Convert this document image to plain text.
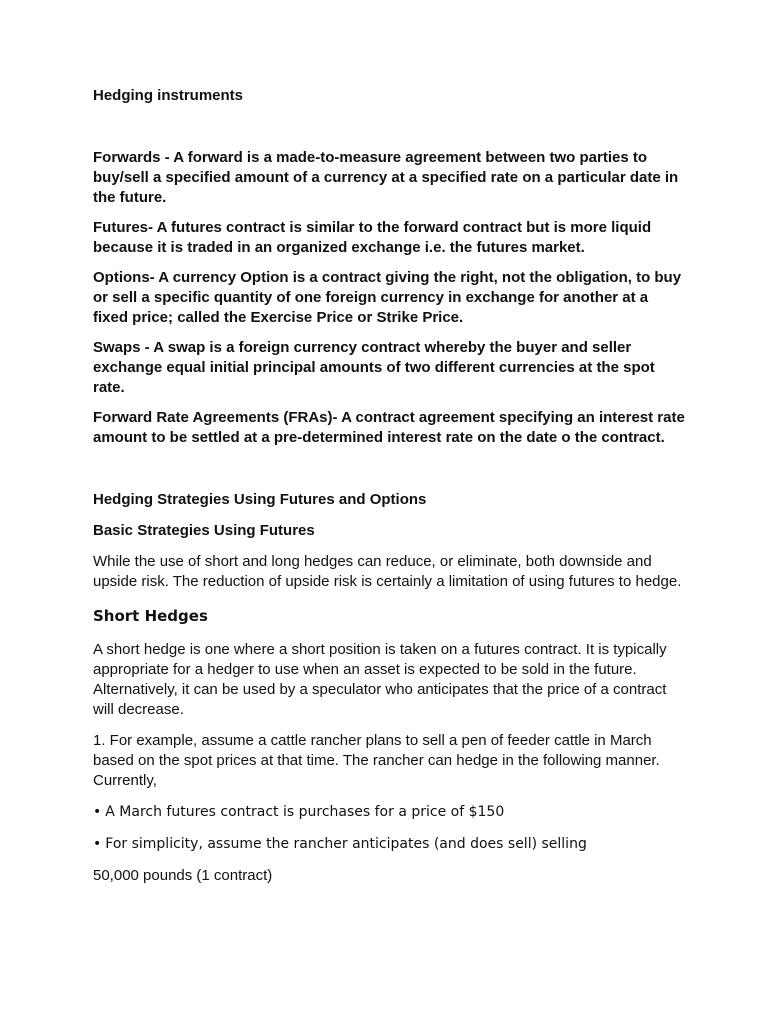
Hedging instruments

Forwards - A forward is a made-to-measure agreement between two parties to buy/sell a specified amount of a currency at a specified rate on a particular date in the future.

Futures- A futures contract is similar to the forward contract but is more liquid because it is traded in an organized exchange i.e. the futures market.

Options- A currency Option is a contract giving the right, not the obligation, to buy or sell a specific quantity of one foreign currency in exchange for another at a fixed price; called the Exercise Price or Strike Price.

Swaps - A swap is a foreign currency contract whereby the buyer and seller exchange equal initial principal amounts of two different currencies at the spot rate.

Forward Rate Agreements (FRAs)- A contract agreement specifying an interest rate amount to be settled at a pre-determined interest rate on the date o the contract.

Hedging Strategies Using Futures and Options

Basic Strategies Using Futures

While the use of short and long hedges can reduce, or eliminate, both downside and upside risk. The reduction of upside risk is certainly a limitation of using futures to hedge.

Short Hedges

A short hedge is one where a short position is taken on a futures contract. It is typically appropriate for a hedger to use when an asset is expected to be sold in the future. Alternatively, it can be used by a speculator who anticipates that the price of a contract will decrease.

1. For example, assume a cattle rancher plans to sell a pen of feeder cattle in March based on the spot prices at that time. The rancher can hedge in the following manner. Currently,

• A March futures contract is purchases for a price of $150

• For simplicity, assume the rancher anticipates (and does sell) selling

50,000 pounds (1 contract)
